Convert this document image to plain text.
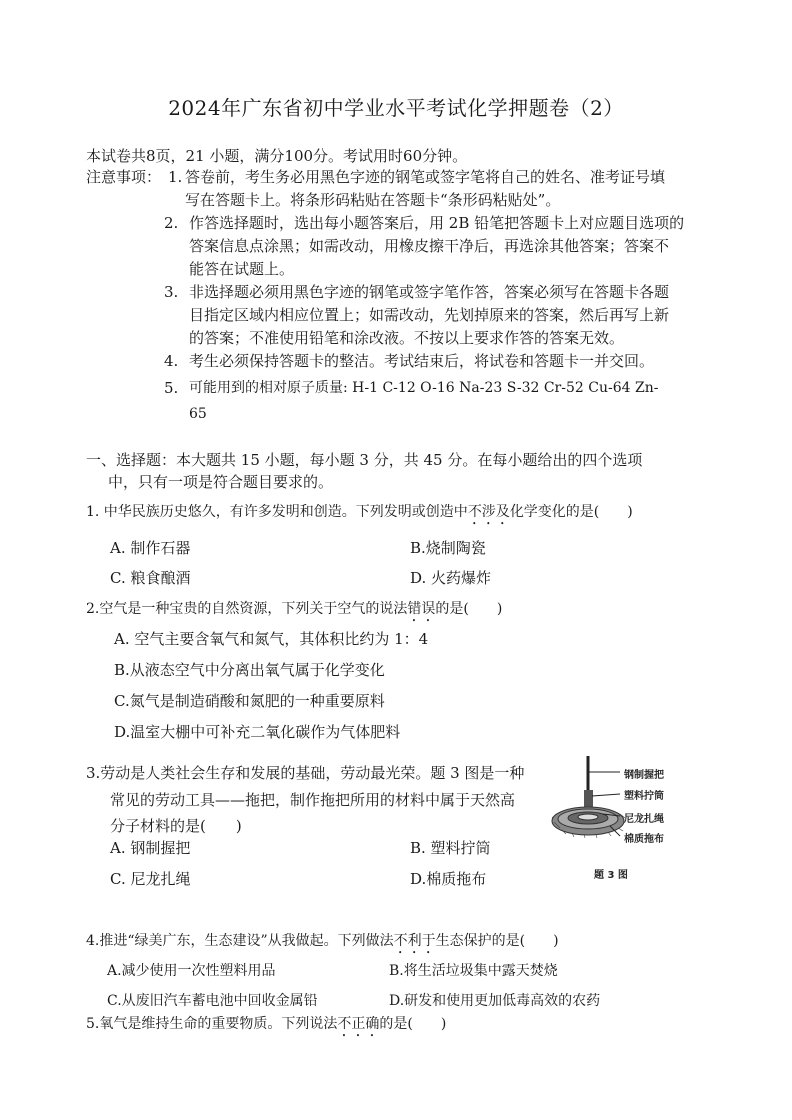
2024年广东省初中学业水平考试化学押题卷（2）
本试卷共8页，21 小题，满分100分。考试用时60分钟。
注意事项： 1. 答卷前，考生务必用黑色字迹的钢笔或签字笔将自己的姓名、准考证号填
写在答题卡上。将条形码粘贴在答题卡“条形码粘贴处”。
2. 作答选择题时，选出每小题答案后，用 2B 铅笔把答题卡上对应题目选项的
答案信息点涂黑；如需改动，用橡皮擦干净后，再选涂其他答案；答案不
能答在试题上。
3. 非选择题必须用黑色字迹的钢笔或签字笔作答，答案必须写在答题卡各题
目指定区域内相应位置上；如需改动，先划掉原来的答案，然后再写上新
的答案；不准使用铅笔和涂改液。不按以上要求作答的答案无效。
4. 考生必须保持答题卡的整洁。考试结束后，将试卷和答题卡一并交回。
5. 可能用到的相对原子质量: H-1 C-12 O-16 Na-23 S-32 Cr-52 Cu-64 Zn-
65
一、选择题：本大题共 15 小题，每小题 3 分，共 45 分。在每小题给出的四个选项
中，只有一项是符合题目要求的。
1. 中华民族历史悠久，有许多发明和创造。下列发明或创造中不涉及化学变化的是(　　)
A. 制作石器	B.烧制陶瓷
C. 粮食酿酒	D. 火药爆炸
2.空气是一种宝贵的自然资源，下列关于空气的说法错误的是(　　)
A. 空气主要含氧气和氮气，其体积比约为 1：4
B.从液态空气中分离出氧气属于化学变化
C.氮气是制造硝酸和氮肥的一种重要原料
D.温室大棚中可补充二氧化碳作为气体肥料
3.劳动是人类社会生存和发展的基础，劳动最光荣。题 3 图是一种
常见的劳动工具——拖把，制作拖把所用的材料中属于天然高
分子材料的是(　　)
A. 钢制握把	B. 塑料拧筒
C. 尼龙扎绳	D.棉质拖布
钢制握把
塑料拧筒
尼龙扎绳
棉质拖布
题 3 图
4.推进“绿美广东，生态建设”从我做起。下列做法不利于生态保护的是(　　)
A.减少使用一次性塑料用品	B.将生活垃圾集中露天焚烧
C.从废旧汽车蓄电池中回收金属铅	D.研发和使用更加低毒高效的农药
5.氧气是维持生命的重要物质。下列说法不正确的是(　　)
